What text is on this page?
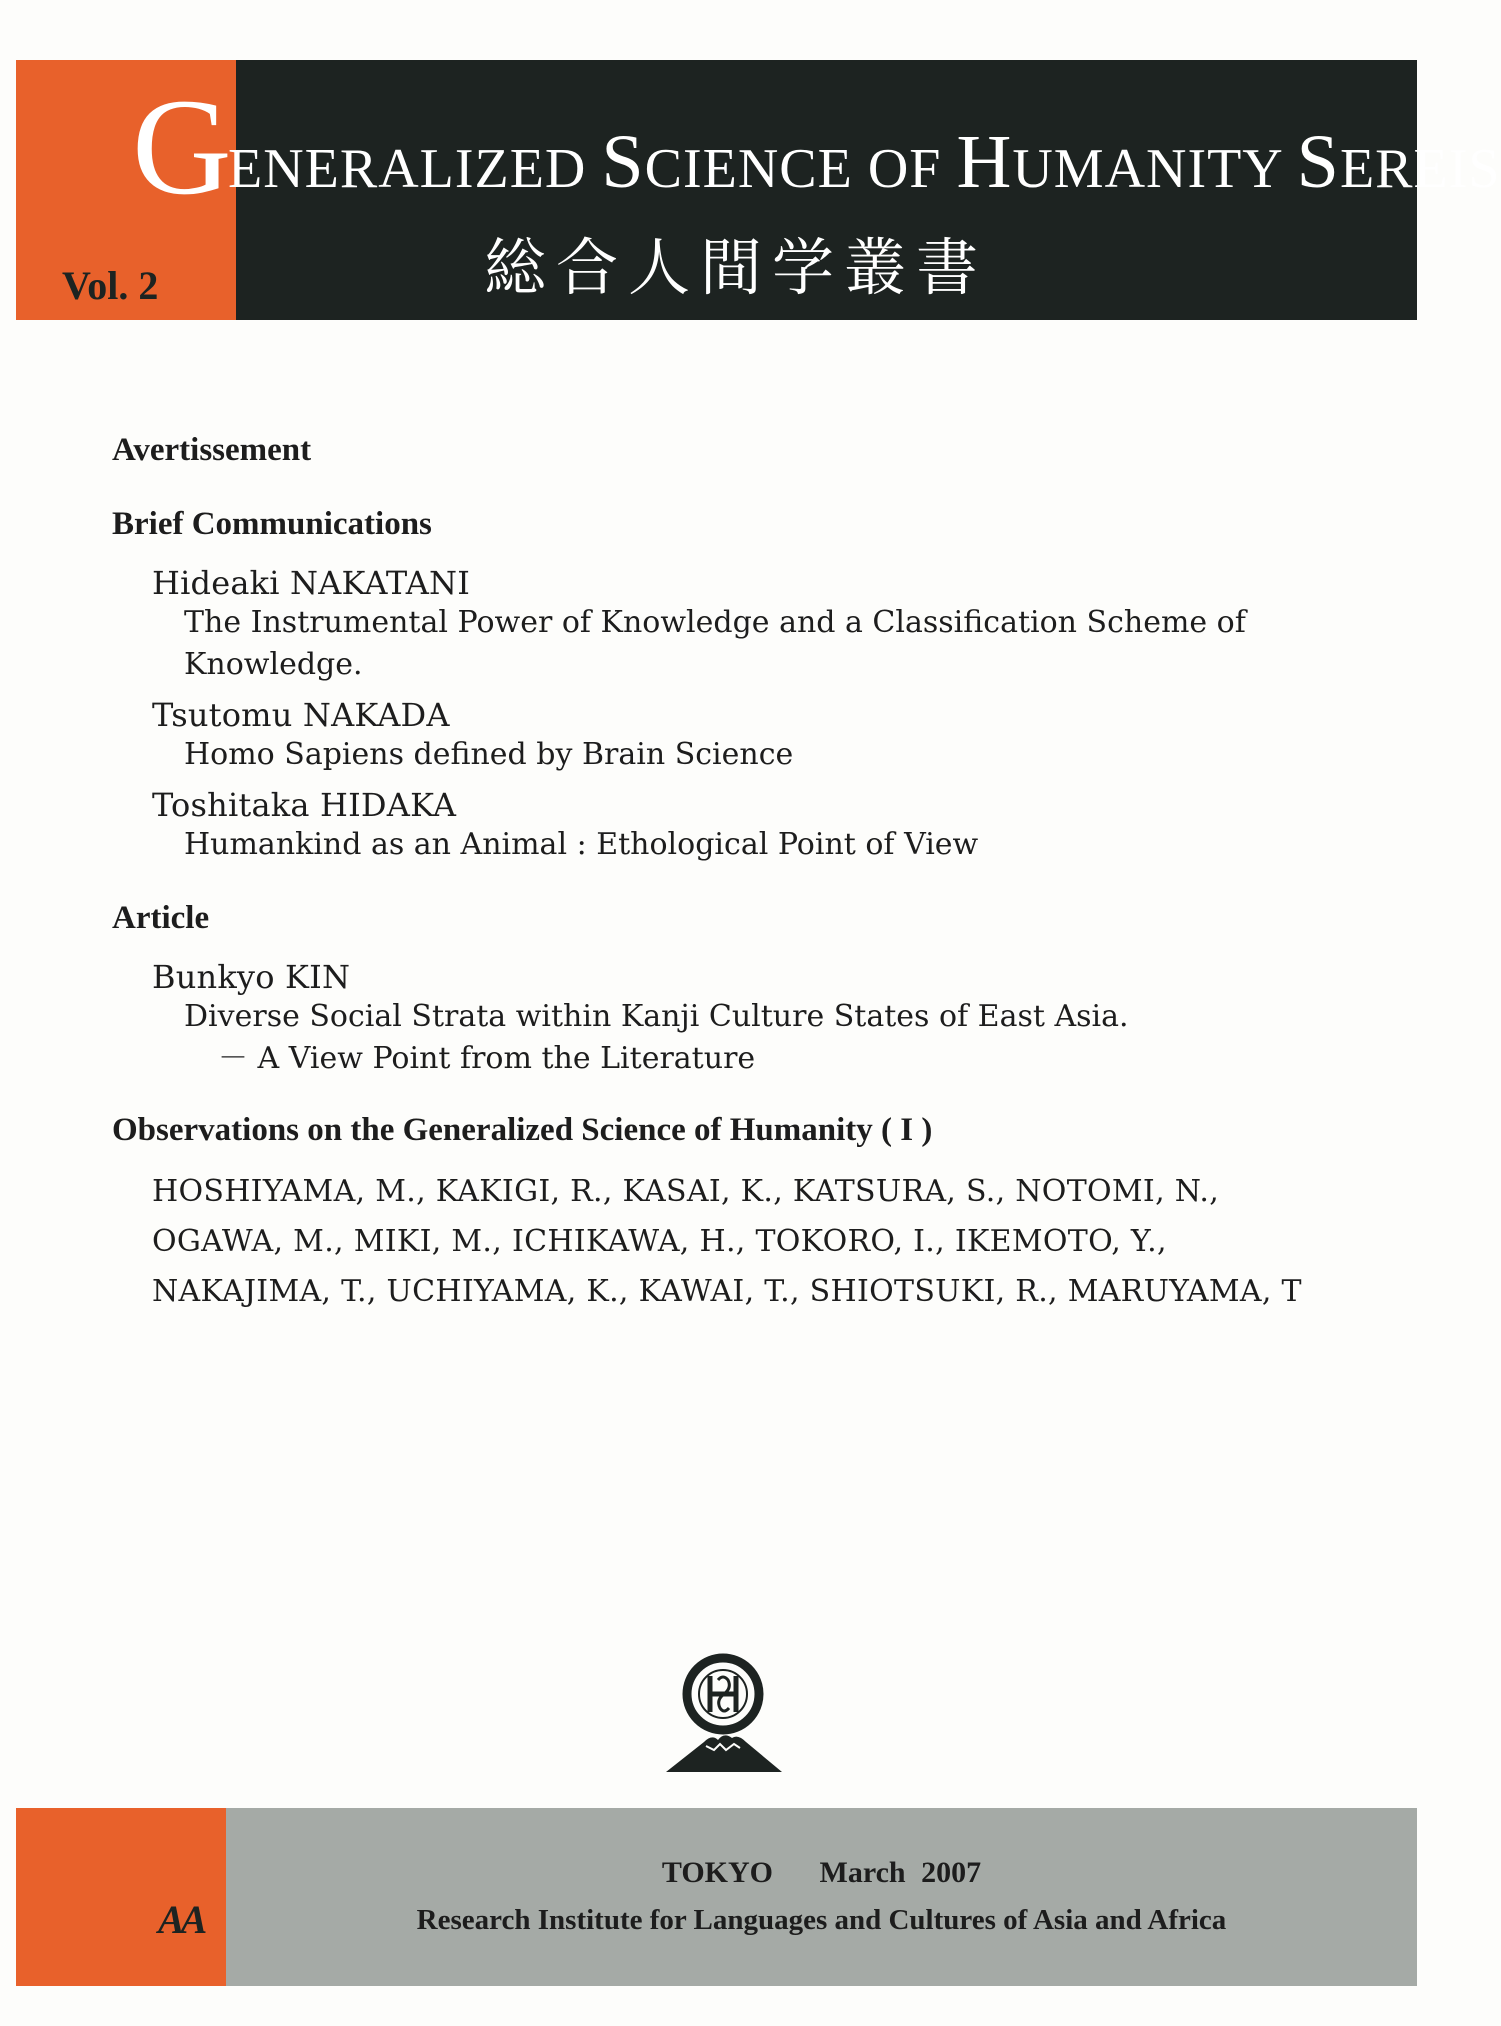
G
ENERALIZED SCIENCE OF HUMANITY SEREIS
総合人間学叢書
Vol. 2
Avertissement
Brief Communications
Hideaki NAKATANI
The Instrumental Power of Knowledge and a Classification Scheme of
Knowledge.
Tsutomu NAKADA
Homo Sapiens defined by Brain Science
Toshitaka HIDAKA
Humankind as an Animal : Ethological Point of View
Article
Bunkyo KIN
Diverse Social Strata within Kanji Culture States of East Asia.
－ A View Point from the Literature
Observations on the Generalized Science of Humanity ( I )
HOSHIYAMA, M., KAKIGI, R., KASAI, K., KATSURA, S., NOTOMI, N.,
OGAWA, M., MIKI, M., ICHIKAWA, H., TOKORO, I., IKEMOTO, Y.,
NAKAJIMA, T., UCHIYAMA, K., KAWAI, T., SHIOTSUKI, R., MARUYAMA, T
AA
TOKYO   March 2007
Research Institute for Languages and Cultures of Asia and Africa
